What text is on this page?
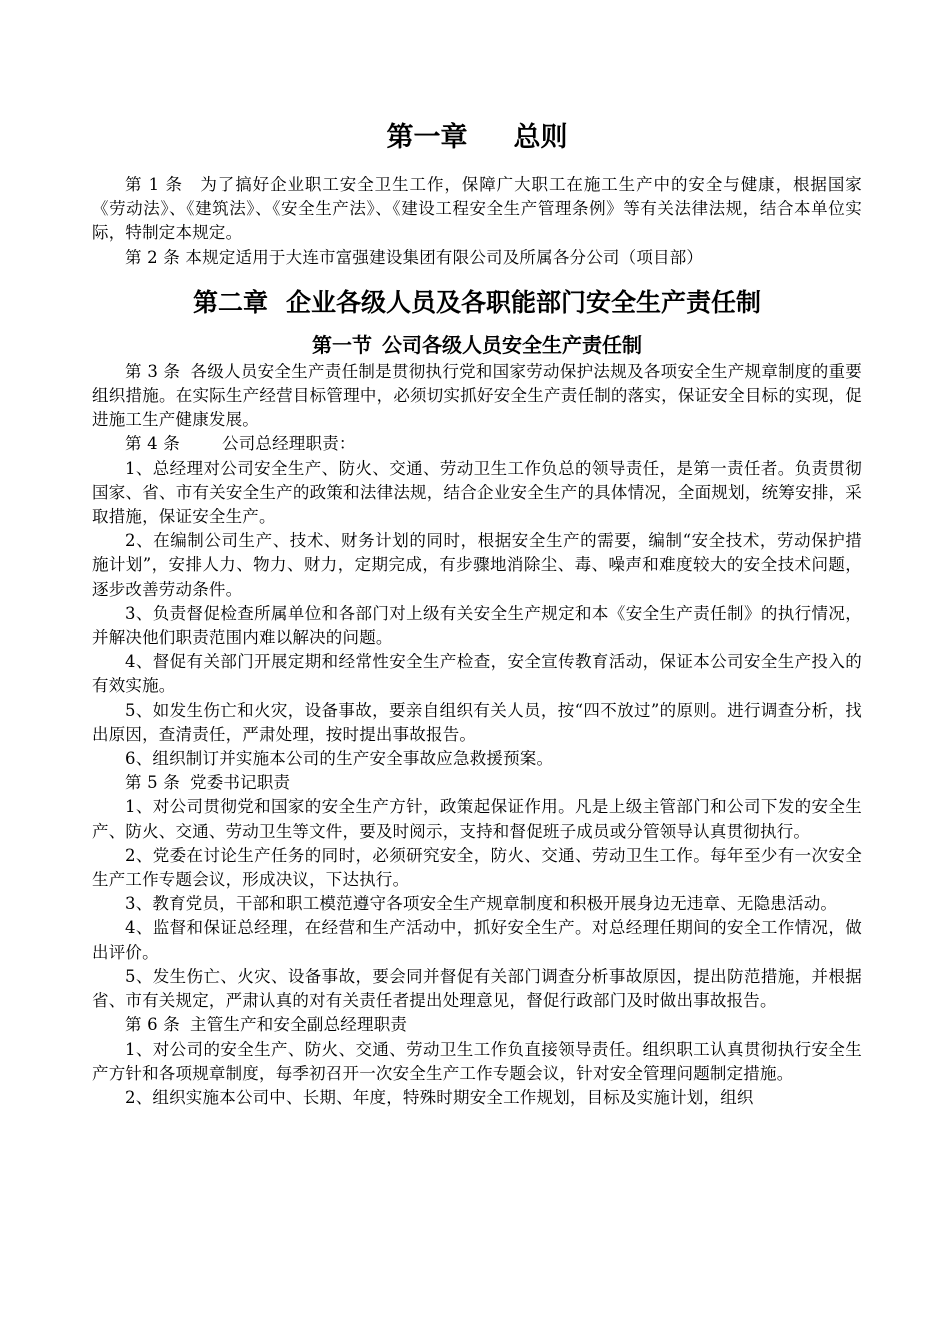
第一章 总则

第 1 条　为了搞好企业职工安全卫生工作，保障广大职工在施工生产中的安全与健康，根据国家《劳动法》、《建筑法》、《安全生产法》、《建设工程安全生产管理条例》等有关法律法规，结合本单位实际，特制定本规定。

第 2 条 本规定适用于大连市富强建设集团有限公司及所属各分公司（项目部）

第二章 企业各级人员及各职能部门安全生产责任制
第一节 公司各级人员安全生产责任制

第 3 条 各级人员安全生产责任制是贯彻执行党和国家劳动保护法规及各项安全生产规章制度的重要组织措施。在实际生产经营目标管理中，必须切实抓好安全生产责任制的落实，保证安全目标的实现，促进施工生产健康发展。

第 4 条	公司总经理职责：

1、总经理对公司安全生产、防火、交通、劳动卫生工作负总的领导责任，是第一责任者。负责贯彻国家、省、市有关安全生产的政策和法律法规，结合企业安全生产的具体情况，全面规划，统筹安排，采取措施，保证安全生产。

2、在编制公司生产、技术、财务计划的同时，根据安全生产的需要，编制“安全技术，劳动保护措施计划”，安排人力、物力、财力，定期完成，有步骤地消除尘、毒、噪声和难度较大的安全技术问题，逐步改善劳动条件。

3、负责督促检查所属单位和各部门对上级有关安全生产规定和本《安全生产责任制》的执行情况，并解决他们职责范围内难以解决的问题。

4、督促有关部门开展定期和经常性安全生产检查，安全宣传教育活动，保证本公司安全生产投入的有效实施。

5、如发生伤亡和火灾，设备事故，要亲自组织有关人员，按“四不放过”的原则。进行调查分析，找出原因，查清责任，严肃处理，按时提出事故报告。

6、组织制订并实施本公司的生产安全事故应急救援预案。

第 5 条 党委书记职责

1、对公司贯彻党和国家的安全生产方针，政策起保证作用。凡是上级主管部门和公司下发的安全生产、防火、交通、劳动卫生等文件，要及时阅示，支持和督促班子成员或分管领导认真贯彻执行。

2、党委在讨论生产任务的同时，必须研究安全，防火、交通、劳动卫生工作。每年至少有一次安全生产工作专题会议，形成决议，下达执行。

3、教育党员，干部和职工模范遵守各项安全生产规章制度和积极开展身边无违章、无隐患活动。

4、监督和保证总经理，在经营和生产活动中，抓好安全生产。对总经理任期间的安全工作情况，做出评价。

5、发生伤亡、火灾、设备事故，要会同并督促有关部门调查分析事故原因，提出防范措施，并根据省、市有关规定，严肃认真的对有关责任者提出处理意见，督促行政部门及时做出事故报告。

第 6 条 主管生产和安全副总经理职责

1、对公司的安全生产、防火、交通、劳动卫生工作负直接领导责任。组织职工认真贯彻执行安全生产方针和各项规章制度，每季初召开一次安全生产工作专题会议，针对安全管理问题制定措施。

2、组织实施本公司中、长期、年度，特殊时期安全工作规划，目标及实施计划，组织
